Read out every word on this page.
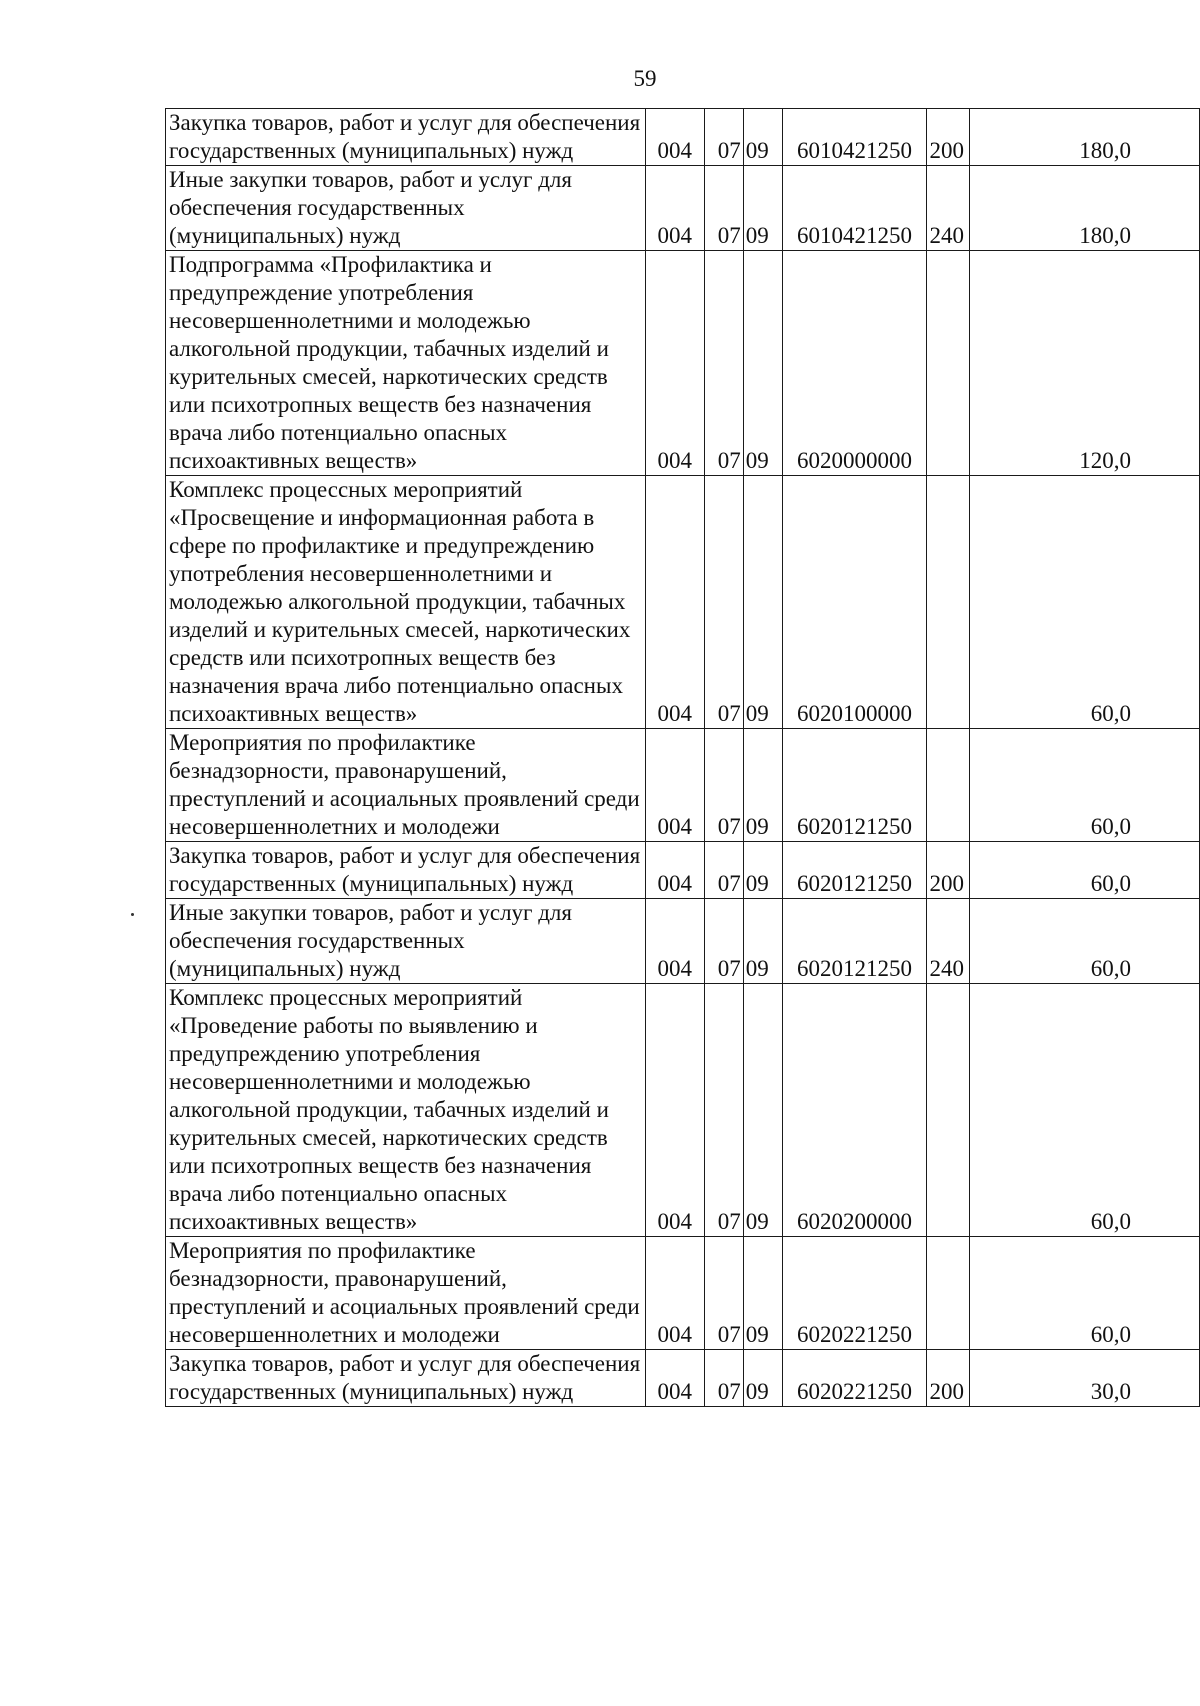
59
Закупка товаров, работ и услуг для обеспечения государственных (муниципальных) нужд	004	07	09	6010421250	200	180,0
Иные закупки товаров, работ и услуг для обеспечения государственных (муниципальных) нужд	004	07	09	6010421250	240	180,0
Подпрограмма «Профилактика и предупреждение употребления несовершеннолетними и молодежью алкогольной продукции, табачных изделий и курительных смесей, наркотических средств или психотропных веществ без назначения врача либо потенциально опасных психоактивных веществ»	004	07	09	6020000000		120,0
Комплекс процессных мероприятий «Просвещение и информационная работа в сфере по профилактике и предупреждению употребления несовершеннолетними и молодежью алкогольной продукции, табачных изделий и курительных смесей, наркотических средств или психотропных веществ без назначения врача либо потенциально опасных психоактивных веществ»	004	07	09	6020100000		60,0
Мероприятия по профилактике безнадзорности, правонарушений, преступлений и асоциальных проявлений среди несовершеннолетних и молодежи	004	07	09	6020121250		60,0
Закупка товаров, работ и услуг для обеспечения государственных (муниципальных) нужд	004	07	09	6020121250	200	60,0
Иные закупки товаров, работ и услуг для обеспечения государственных (муниципальных) нужд	004	07	09	6020121250	240	60,0
Комплекс процессных мероприятий «Проведение работы по выявлению и предупреждению употребления несовершеннолетними и молодежью алкогольной продукции, табачных изделий и курительных смесей, наркотических средств или психотропных веществ без назначения врача либо потенциально опасных психоактивных веществ»	004	07	09	6020200000		60,0
Мероприятия по профилактике безнадзорности, правонарушений, преступлений и асоциальных проявлений среди несовершеннолетних и молодежи	004	07	09	6020221250		60,0
Закупка товаров, работ и услуг для обеспечения государственных (муниципальных) нужд	004	07	09	6020221250	200	30,0
